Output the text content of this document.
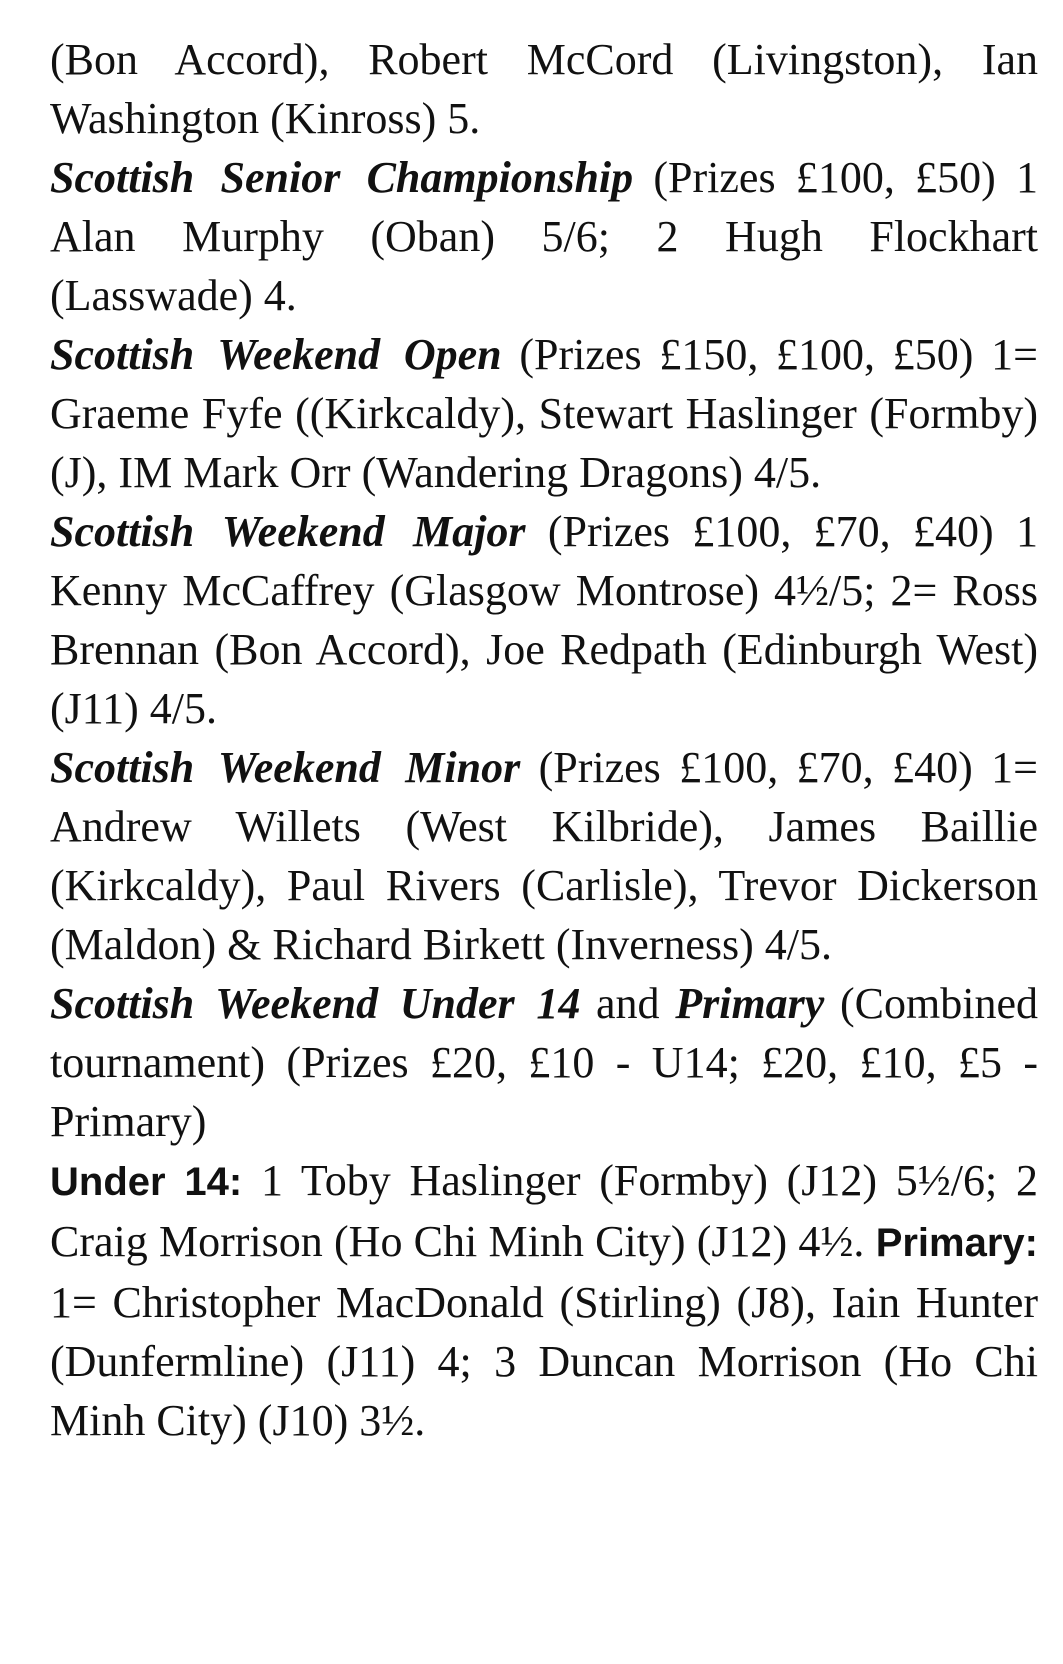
(Bon Accord), Robert McCord (Livingston), Ian Washington (Kinross) 5.

Scottish Senior Championship (Prizes £100, £50) 1 Alan Murphy (Oban) 5/6; 2 Hugh Flockhart (Lasswade) 4.

Scottish Weekend Open (Prizes £150, £100, £50) 1= Graeme Fyfe ((Kirkcaldy), Stewart Haslinger (Formby) (J), IM Mark Orr (Wandering Dragons) 4/5.

Scottish Weekend Major (Prizes £100, £70, £40) 1 Kenny McCaffrey (Glasgow Montrose) 4½/5; 2= Ross Brennan (Bon Accord), Joe Redpath (Edinburgh West) (J11) 4/5.

Scottish Weekend Minor (Prizes £100, £70, £40) 1= Andrew Willets (West Kilbride), James Baillie (Kirkcaldy), Paul Rivers (Carlisle), Trevor Dickerson (Maldon) & Richard Birkett (Inverness) 4/5.

Scottish Weekend Under 14 and Primary (Combined tournament) (Prizes £20, £10 - U14; £20, £10, £5 - Primary)

Under 14: 1 Toby Haslinger (Formby) (J12) 5½/6; 2 Craig Morrison (Ho Chi Minh City) (J12) 4½. Primary: 1= Christopher MacDonald (Stirling) (J8), Iain Hunter (Dunfermline) (J11) 4; 3 Duncan Morrison (Ho Chi Minh City) (J10) 3½.
